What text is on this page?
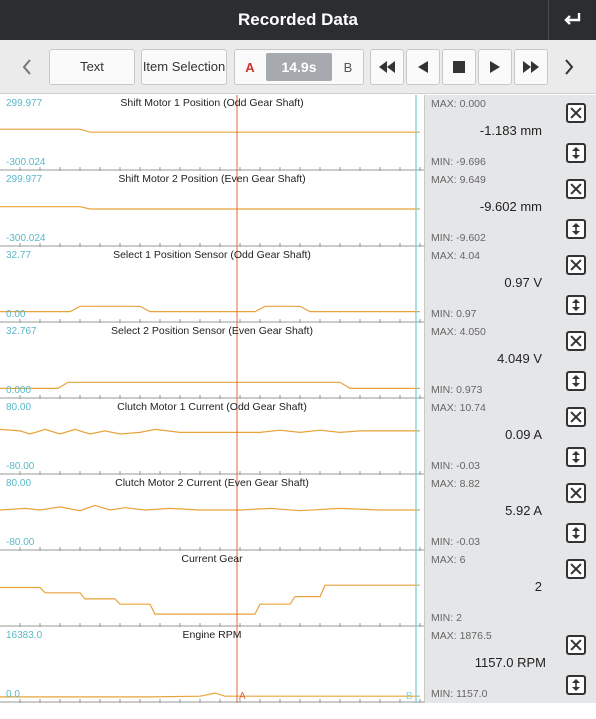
Recorded Data
Text	Item Selection	A	14.9s	B
299.977
-300.024
Shift Motor 1 Position (Odd Gear Shaft)	MAX: 0.000
-1.183 mm
MIN: -9.696
299.977
-300.024
Shift Motor 2 Position (Even Gear Shaft)	MAX: 9.649
-9.602 mm
MIN: -9.602
32.77
0.00
Select 1 Position Sensor (Odd Gear Shaft)	MAX: 4.04
0.97 V
MIN: 0.97
32.767
0.000
Select 2 Position Sensor (Even Gear Shaft)	MAX: 4.050
4.049 V
MIN: 0.973
80.00
-80.00
Clutch Motor 1 Current (Odd Gear Shaft)	MAX: 10.74
0.09 A
MIN: -0.03
80.00
-80.00
Clutch Motor 2 Current (Even Gear Shaft)	MAX: 8.82
5.92 A
MIN: -0.03
Current Gear	MAX: 6
2
MIN: 2
A	B
16383.0
0.0
Engine RPM	MAX: 1876.5
1157.0 RPM
MIN: 1157.0
